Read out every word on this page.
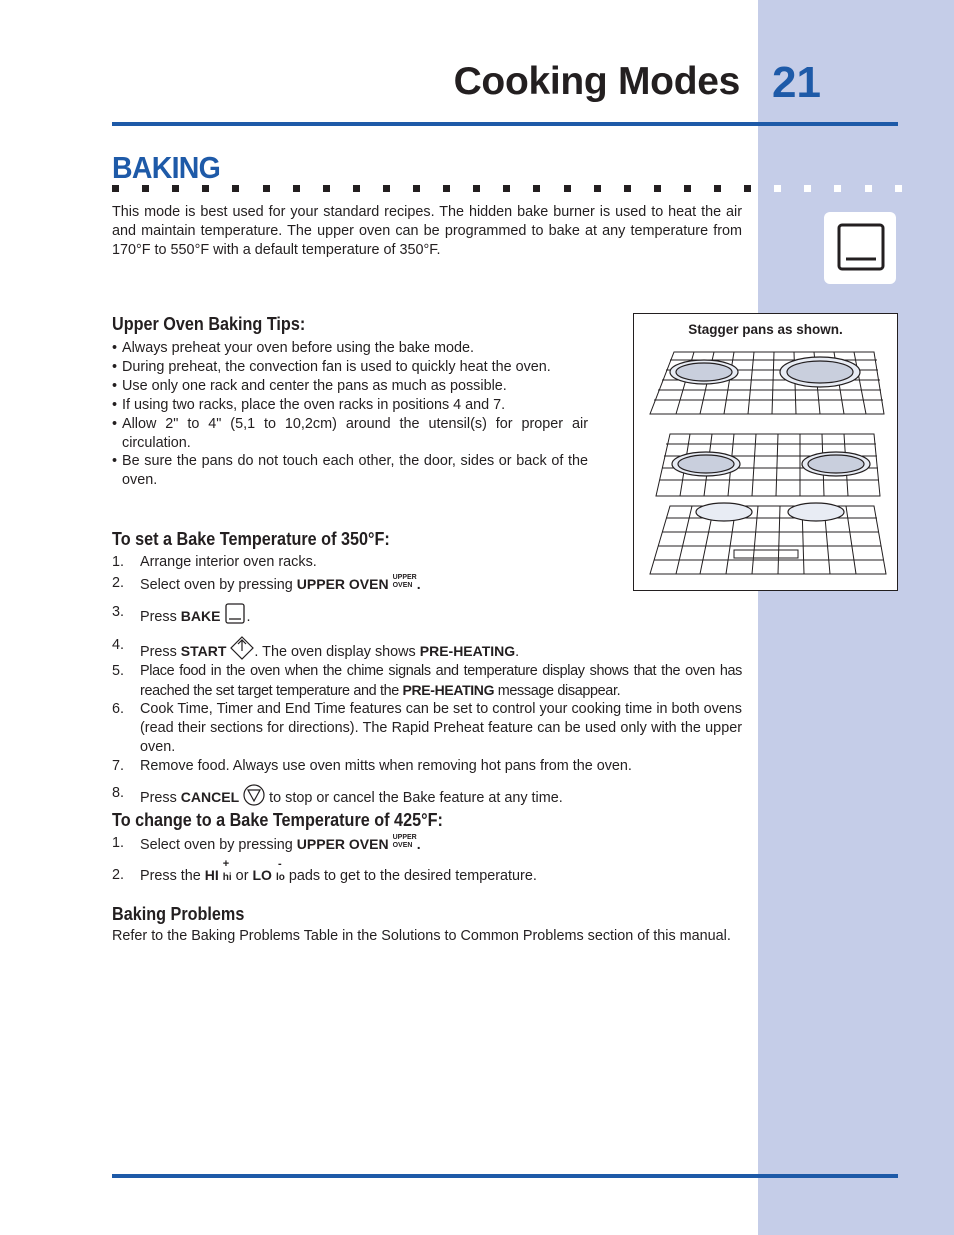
Cooking Modes 21
BAKING
This mode is best used for your standard recipes. The hidden bake burner is used to heat the air and maintain temperature. The upper oven can be programmed to bake at any temperature from 170°F to 550°F with a default temperature of 350°F.
Upper Oven Baking Tips:
• Always preheat your oven before using the bake mode.
• During preheat, the convection fan is used to quickly heat the oven.
• Use only one rack and center the pans as much as possible.
• If using two racks, place the oven racks in positions 4 and 7.
• Allow 2" to 4" (5,1 to 10,2cm) around the utensil(s) for proper air circulation.
• Be sure the pans do not touch each other, the door, sides or back of the oven.
Stagger pans as shown.
To set a Bake Temperature of 350°F:
1.	Arrange interior oven racks.
2.	Select oven by pressing UPPER OVEN UPPER
OVEN .
3.	Press BAKE .
4.	Press START . The oven display shows PRE-HEATING.
5.	Place food in the oven when the chime signals and temperature display shows that the oven has reached the set target temperature and the PRE-HEATING message disappear.
6.	Cook Time, Timer and End Time features can be set to control your cooking time in both ovens (read their sections for directions). The Rapid Preheat feature can be used only with the upper oven.
7.	Remove food. Always use oven mitts when removing hot pans from the oven.
8.	Press CANCEL  to stop or cancel the Bake feature at any time.
To change to a Bake Temperature of 425°F:
1.	Select oven by pressing UPPER OVEN UPPER
OVEN .
2.	Press the HI
+
hi or LO
-
lo pads to get to the desired temperature.
Baking Problems
Refer to the Baking Problems Table in the Solutions to Common Problems section of this manual.
